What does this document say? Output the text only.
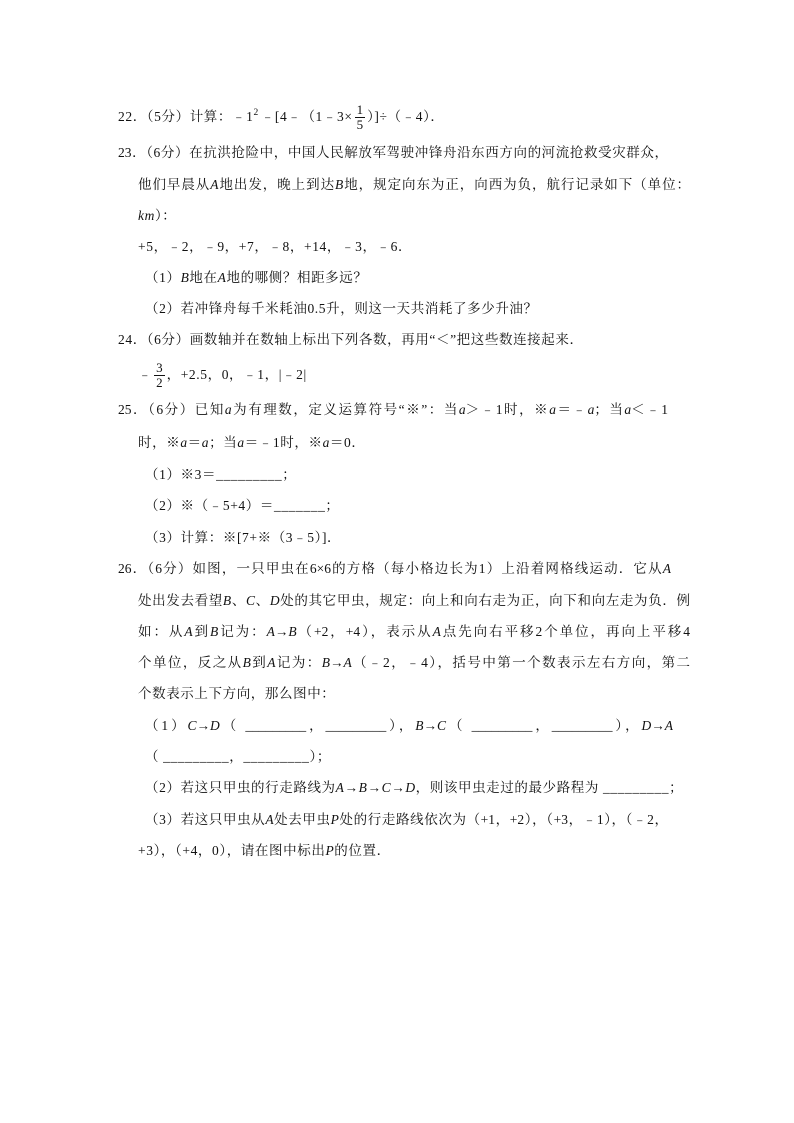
22．（5分）计算：$﹣1^2$ ﹣[4﹣（1﹣3× $\frac{1}{5}$ ）]÷（﹣4）．
23．（6分）在抗洪抢险中，中国人民解放军驾驶冲锋舟沿东西方向的河流抢救受灾群众，
他们早晨从A地出发，晚上到达B地，规定向东为正，向西为负，航行记录如下（单位：
km）：
+5，﹣2，﹣9，+7，﹣8，+14，﹣3，﹣6．
（1）B地在A地的哪侧？相距多远？
（2）若冲锋舟每千米耗油0.5升，则这一天共消耗了多少升油？
24．（6分）画数轴并在数轴上标出下列各数，再用“＜”把这些数连接起来．
﹣ $\frac{3}{2}$ ，+2.5，0，﹣1，|﹣2|
25．（6分）已知a为有理数，定义运算符号“※”：当a＞﹣1时，※a＝﹣a；当a＜﹣1
时，※a＝a；当a＝﹣1时，※a＝0．
（1）※3＝_________；
（2）※（﹣5+4）＝_______；
（3）计算：※[7+※（3﹣5）]．
26．（6分）如图，一只甲虫在6×6的方格（每小格边长为1）上沿着网格线运动．它从A
处出发去看望B、C、D处的其它甲虫，规定：向上和向右走为正，向下和向左走为负．例
如：从A到B记为：A→B（+2，+4），表示从A点先向右平移2个单位，再向上平移4
个单位，反之从B到A记为：B→A（﹣2，﹣4），括号中第一个数表示左右方向，第二
个数表示上下方向，那么图中：
（1）C→D（ _________，_________），B→C（ _________，_________），D→A
（ _________，_________）；
（2）若这只甲虫的行走路线为A→B→C→D，则该甲虫走过的最少路程为 _________；
（3）若这只甲虫从A处去甲虫P处的行走路线依次为（+1，+2），（+3，﹣1），（﹣2，
+3），（+4，0），请在图中标出P的位置．
